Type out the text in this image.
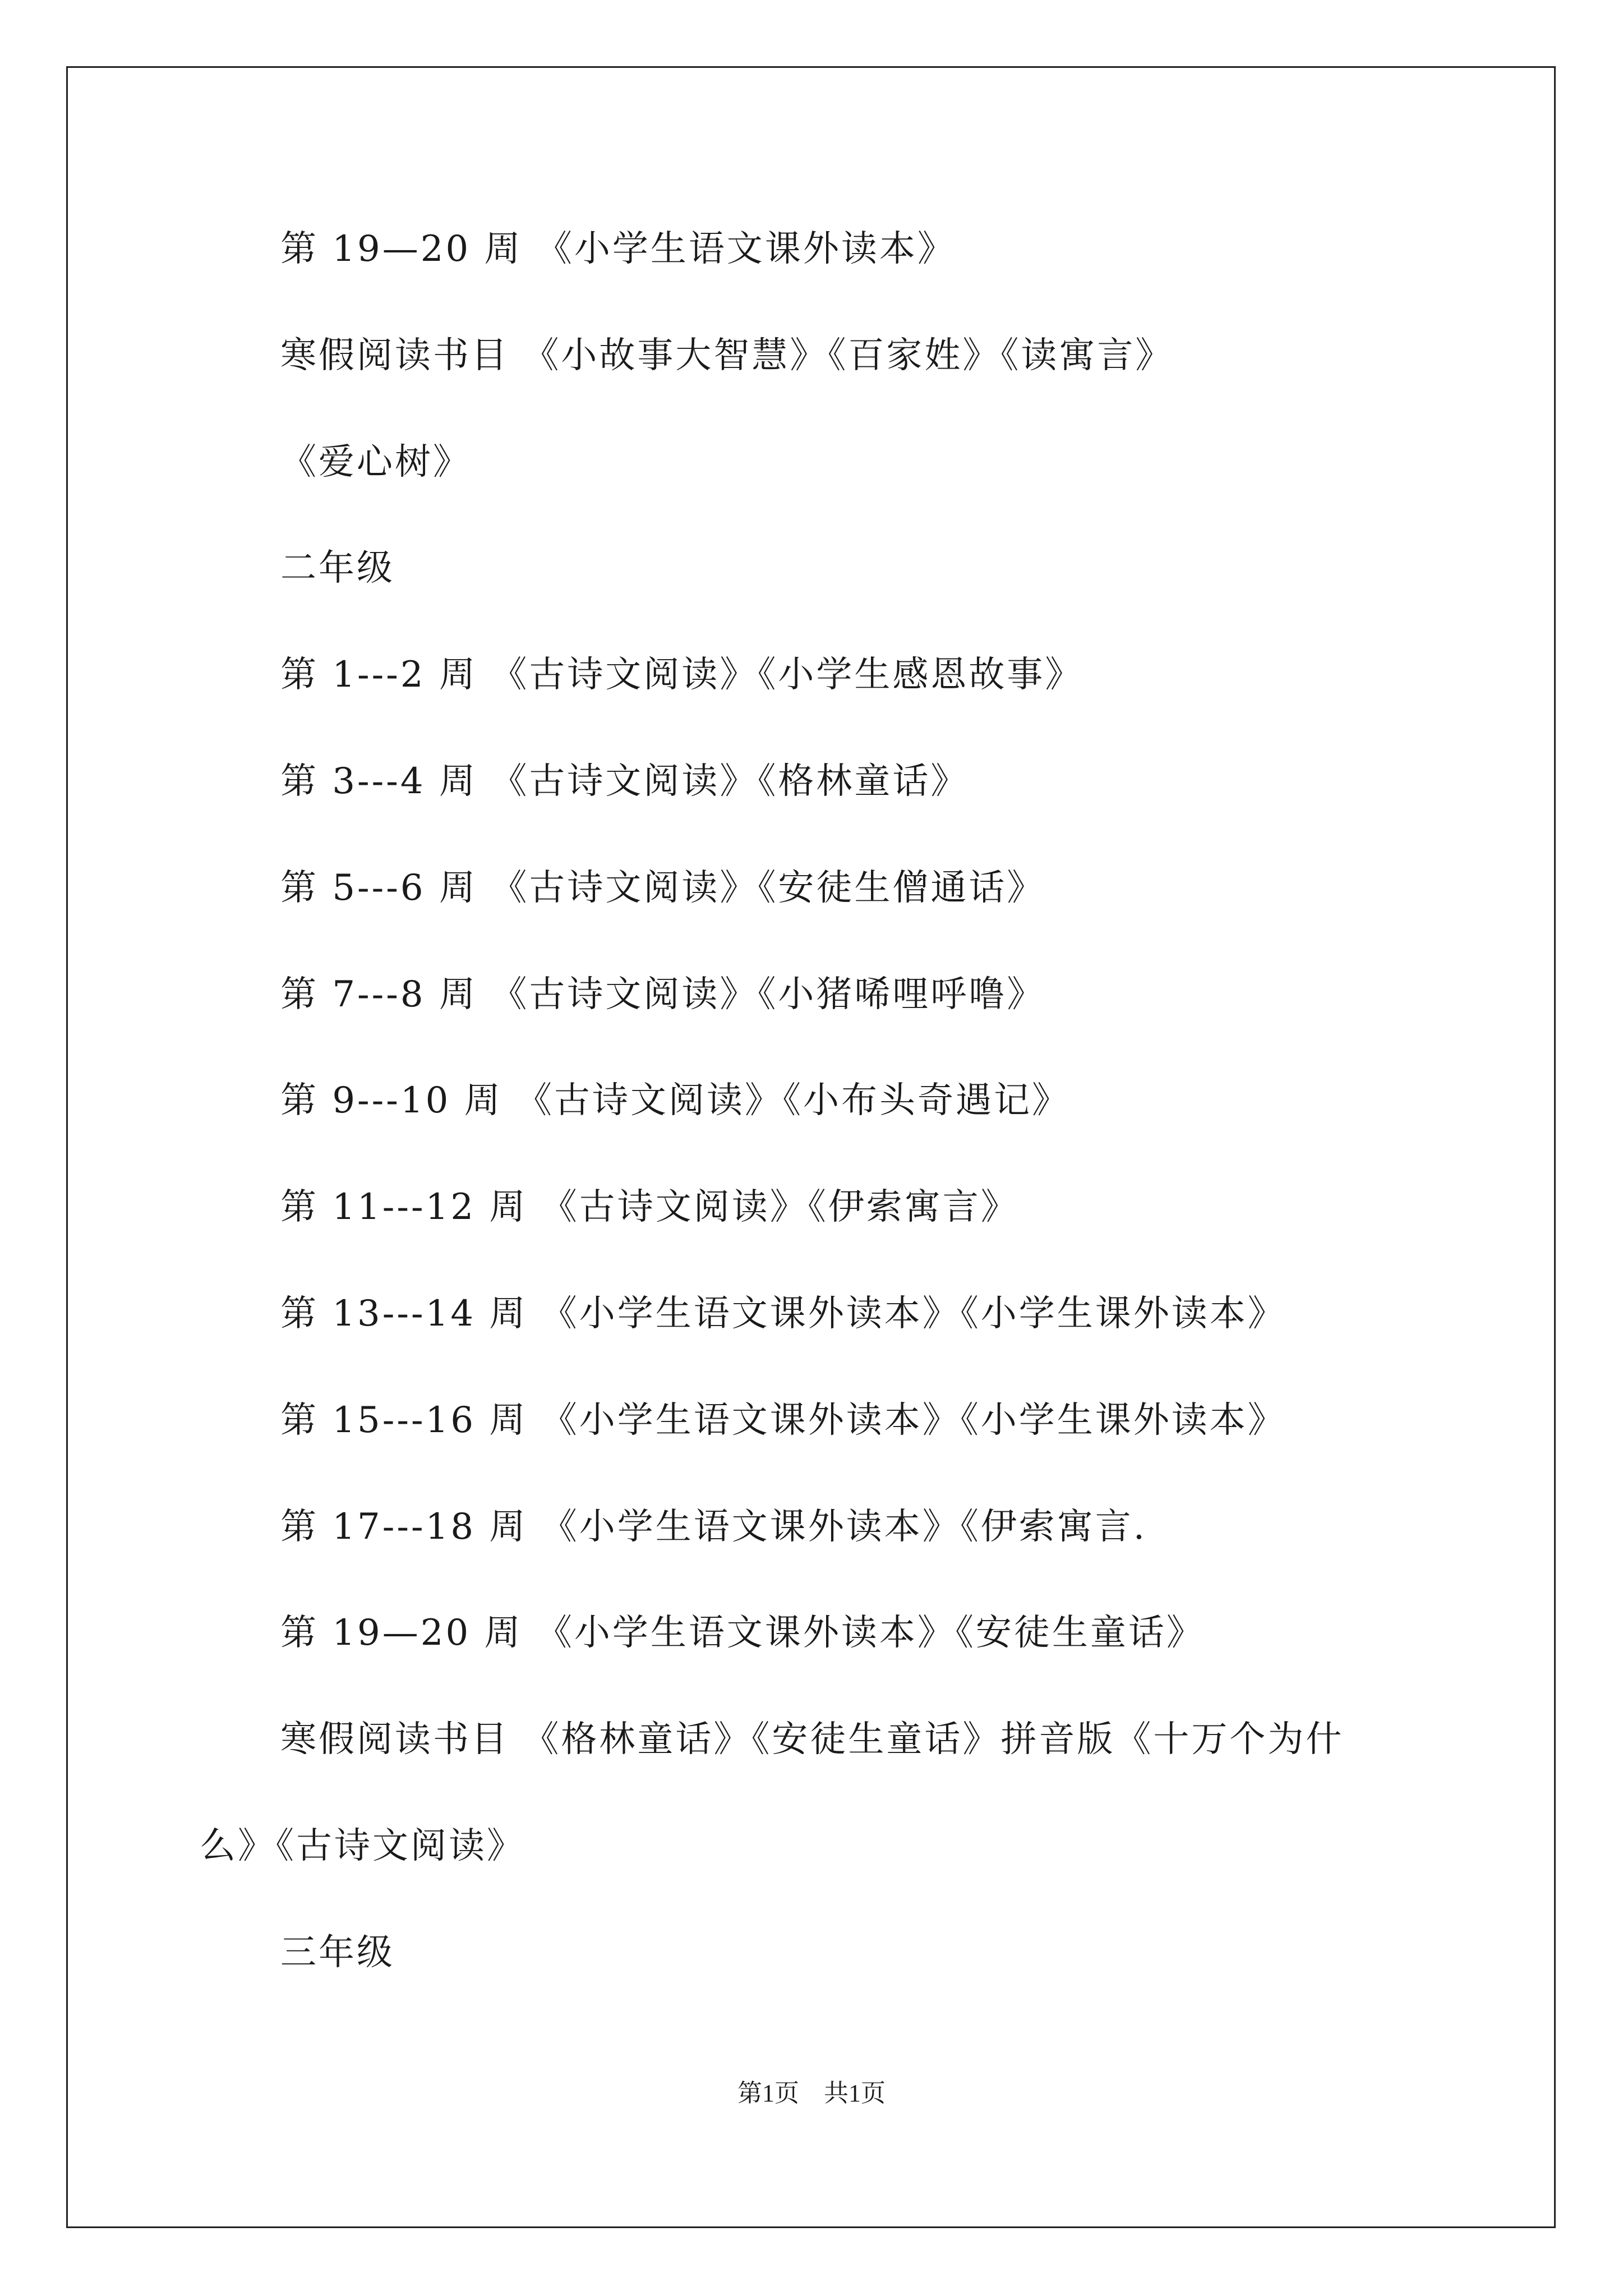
第 19—20 周 《小学生语文课外读本》
寒假阅读书目 《小故事大智慧》《百家姓》《读寓言》
《爱心树》
二年级
第 1---2 周 《古诗文阅读》《小学生感恩故事》
第 3---4 周 《古诗文阅读》《格林童话》
第 5---6 周 《古诗文阅读》《安徒生僧通话》
第 7---8 周 《古诗文阅读》《小猪唏哩呼噜》
第 9---10 周 《古诗文阅读》《小布头奇遇记》
第 11---12 周 《古诗文阅读》《伊索寓言》
第 13---14 周 《小学生语文课外读本》《小学生课外读本》
第 15---16 周 《小学生语文课外读本》《小学生课外读本》
第 17---18 周 《小学生语文课外读本》《伊索寓言.
第 19—20 周 《小学生语文课外读本》《安徒生童话》
寒假阅读书目 《格林童话》《安徒生童话》拼音版《十万个为什
么》《古诗文阅读》
三年级
第1页　共1页
